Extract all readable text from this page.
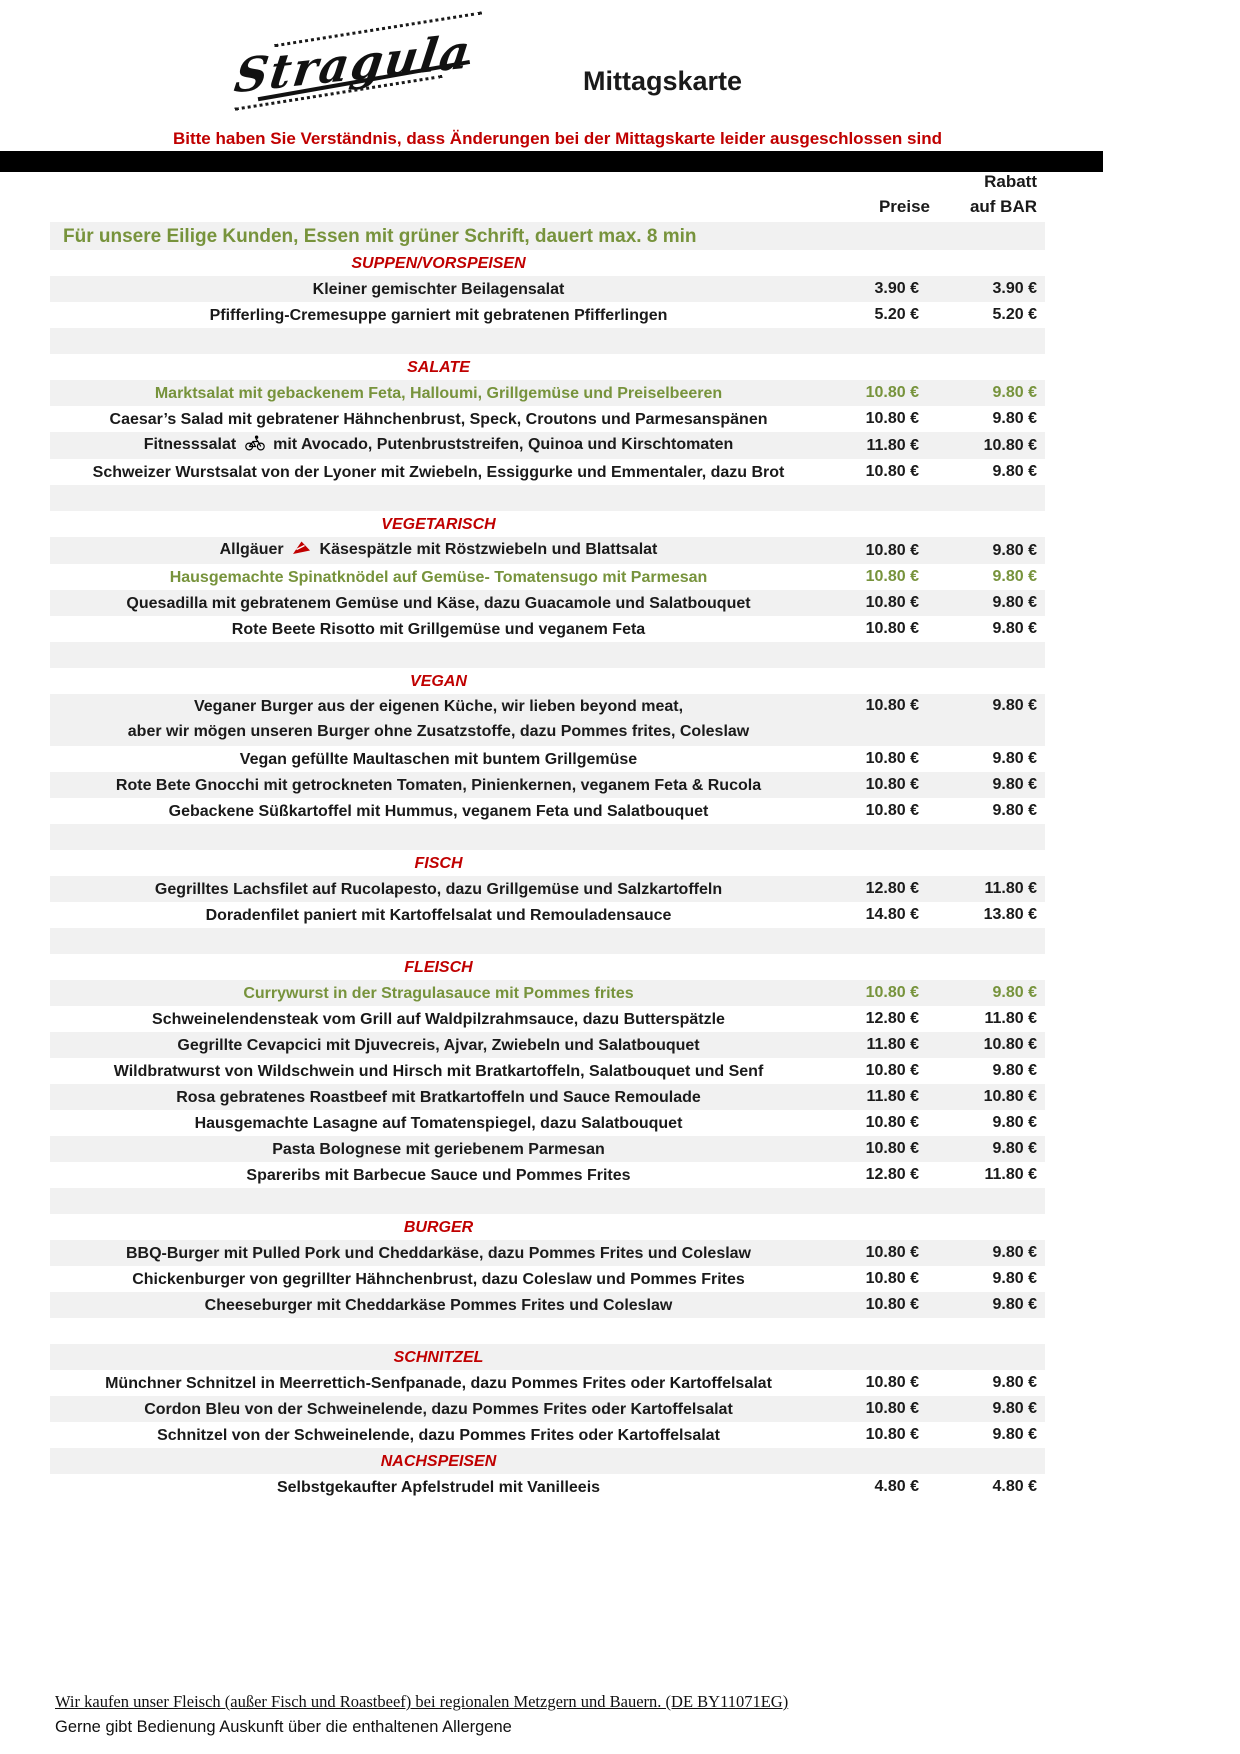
Stragula	Mittagskarte
Bitte haben Sie Verständnis, dass Änderungen bei der Mittagskarte leider ausgeschlossen sind
Preise
Rabatt
auf BAR
Für unsere Eilige Kunden, Essen mit grüner Schrift, dauert max. 8 min
SUPPEN/VORSPEISEN
Kleiner gemischter Beilagensalat	3.90 €	3.90 €
Pfifferling-Cremesuppe garniert mit gebratenen Pfifferlingen	5.20 €	5.20 €
SALATE
Marktsalat mit gebackenem Feta, Halloumi, Grillgemüse und Preiselbeeren	10.80 €	9.80 €
Caesar’s Salad mit gebratener Hähnchenbrust, Speck, Croutons und Parmesanspänen	10.80 €	9.80 €
Fitnesssalat  mit Avocado, Putenbruststreifen, Quinoa und Kirschtomaten	11.80 €	10.80 €
Schweizer Wurstsalat von der Lyoner mit Zwiebeln, Essiggurke und Emmentaler, dazu Brot	10.80 €	9.80 €
VEGETARISCH
Allgäuer  Käsespätzle mit Röstzwiebeln und Blattsalat	10.80 €	9.80 €
Hausgemachte Spinatknödel auf Gemüse- Tomatensugo mit Parmesan	10.80 €	9.80 €
Quesadilla mit gebratenem Gemüse und Käse, dazu Guacamole und Salatbouquet	10.80 €	9.80 €
Rote Beete Risotto mit Grillgemüse und veganem Feta	10.80 €	9.80 €
VEGAN
Veganer Burger aus der eigenen Küche, wir lieben beyond meat,
aber wir mögen unseren Burger ohne Zusatzstoffe, dazu Pommes frites, Coleslaw
10.80 €	9.80 €
Vegan gefüllte Maultaschen mit buntem Grillgemüse	10.80 €	9.80 €
Rote Bete Gnocchi mit getrockneten Tomaten, Pinienkernen, veganem Feta & Rucola	10.80 €	9.80 €
Gebackene Süßkartoffel mit Hummus, veganem Feta und Salatbouquet	10.80 €	9.80 €
FISCH
Gegrilltes Lachsfilet auf Rucolapesto, dazu Grillgemüse und Salzkartoffeln	12.80 €	11.80 €
Doradenfilet paniert mit Kartoffelsalat und Remouladensauce	14.80 €	13.80 €
FLEISCH
Currywurst in der Stragulasauce mit Pommes frites	10.80 €	9.80 €
Schweinelendensteak vom Grill auf Waldpilzrahmsauce, dazu Butterspätzle	12.80 €	11.80 €
Gegrillte Cevapcici mit Djuvecreis, Ajvar, Zwiebeln und Salatbouquet	11.80 €	10.80 €
Wildbratwurst von Wildschwein und Hirsch mit Bratkartoffeln, Salatbouquet und Senf	10.80 €	9.80 €
Rosa gebratenes Roastbeef mit Bratkartoffeln und Sauce Remoulade	11.80 €	10.80 €
Hausgemachte Lasagne auf Tomatenspiegel, dazu Salatbouquet	10.80 €	9.80 €
Pasta Bolognese mit geriebenem Parmesan	10.80 €	9.80 €
Spareribs mit Barbecue Sauce und Pommes Frites	12.80 €	11.80 €
BURGER
BBQ-Burger mit Pulled Pork und Cheddarkäse, dazu Pommes Frites und Coleslaw	10.80 €	9.80 €
Chickenburger von gegrillter Hähnchenbrust, dazu Coleslaw und Pommes Frites	10.80 €	9.80 €
Cheeseburger mit Cheddarkäse Pommes Frites und Coleslaw	10.80 €	9.80 €
SCHNITZEL
Münchner Schnitzel in Meerrettich-Senfpanade, dazu Pommes Frites oder Kartoffelsalat	10.80 €	9.80 €
Cordon Bleu von der Schweinelende, dazu Pommes Frites oder Kartoffelsalat	10.80 €	9.80 €
Schnitzel von der Schweinelende, dazu Pommes Frites oder Kartoffelsalat	10.80 €	9.80 €
NACHSPEISEN
Selbstgekaufter Apfelstrudel mit Vanilleeis	4.80 €	4.80 €
Wir kaufen unser Fleisch (außer Fisch und Roastbeef) bei regionalen Metzgern und Bauern. (DE BY11071EG)
Gerne gibt Bedienung Auskunft über die enthaltenen Allergene
